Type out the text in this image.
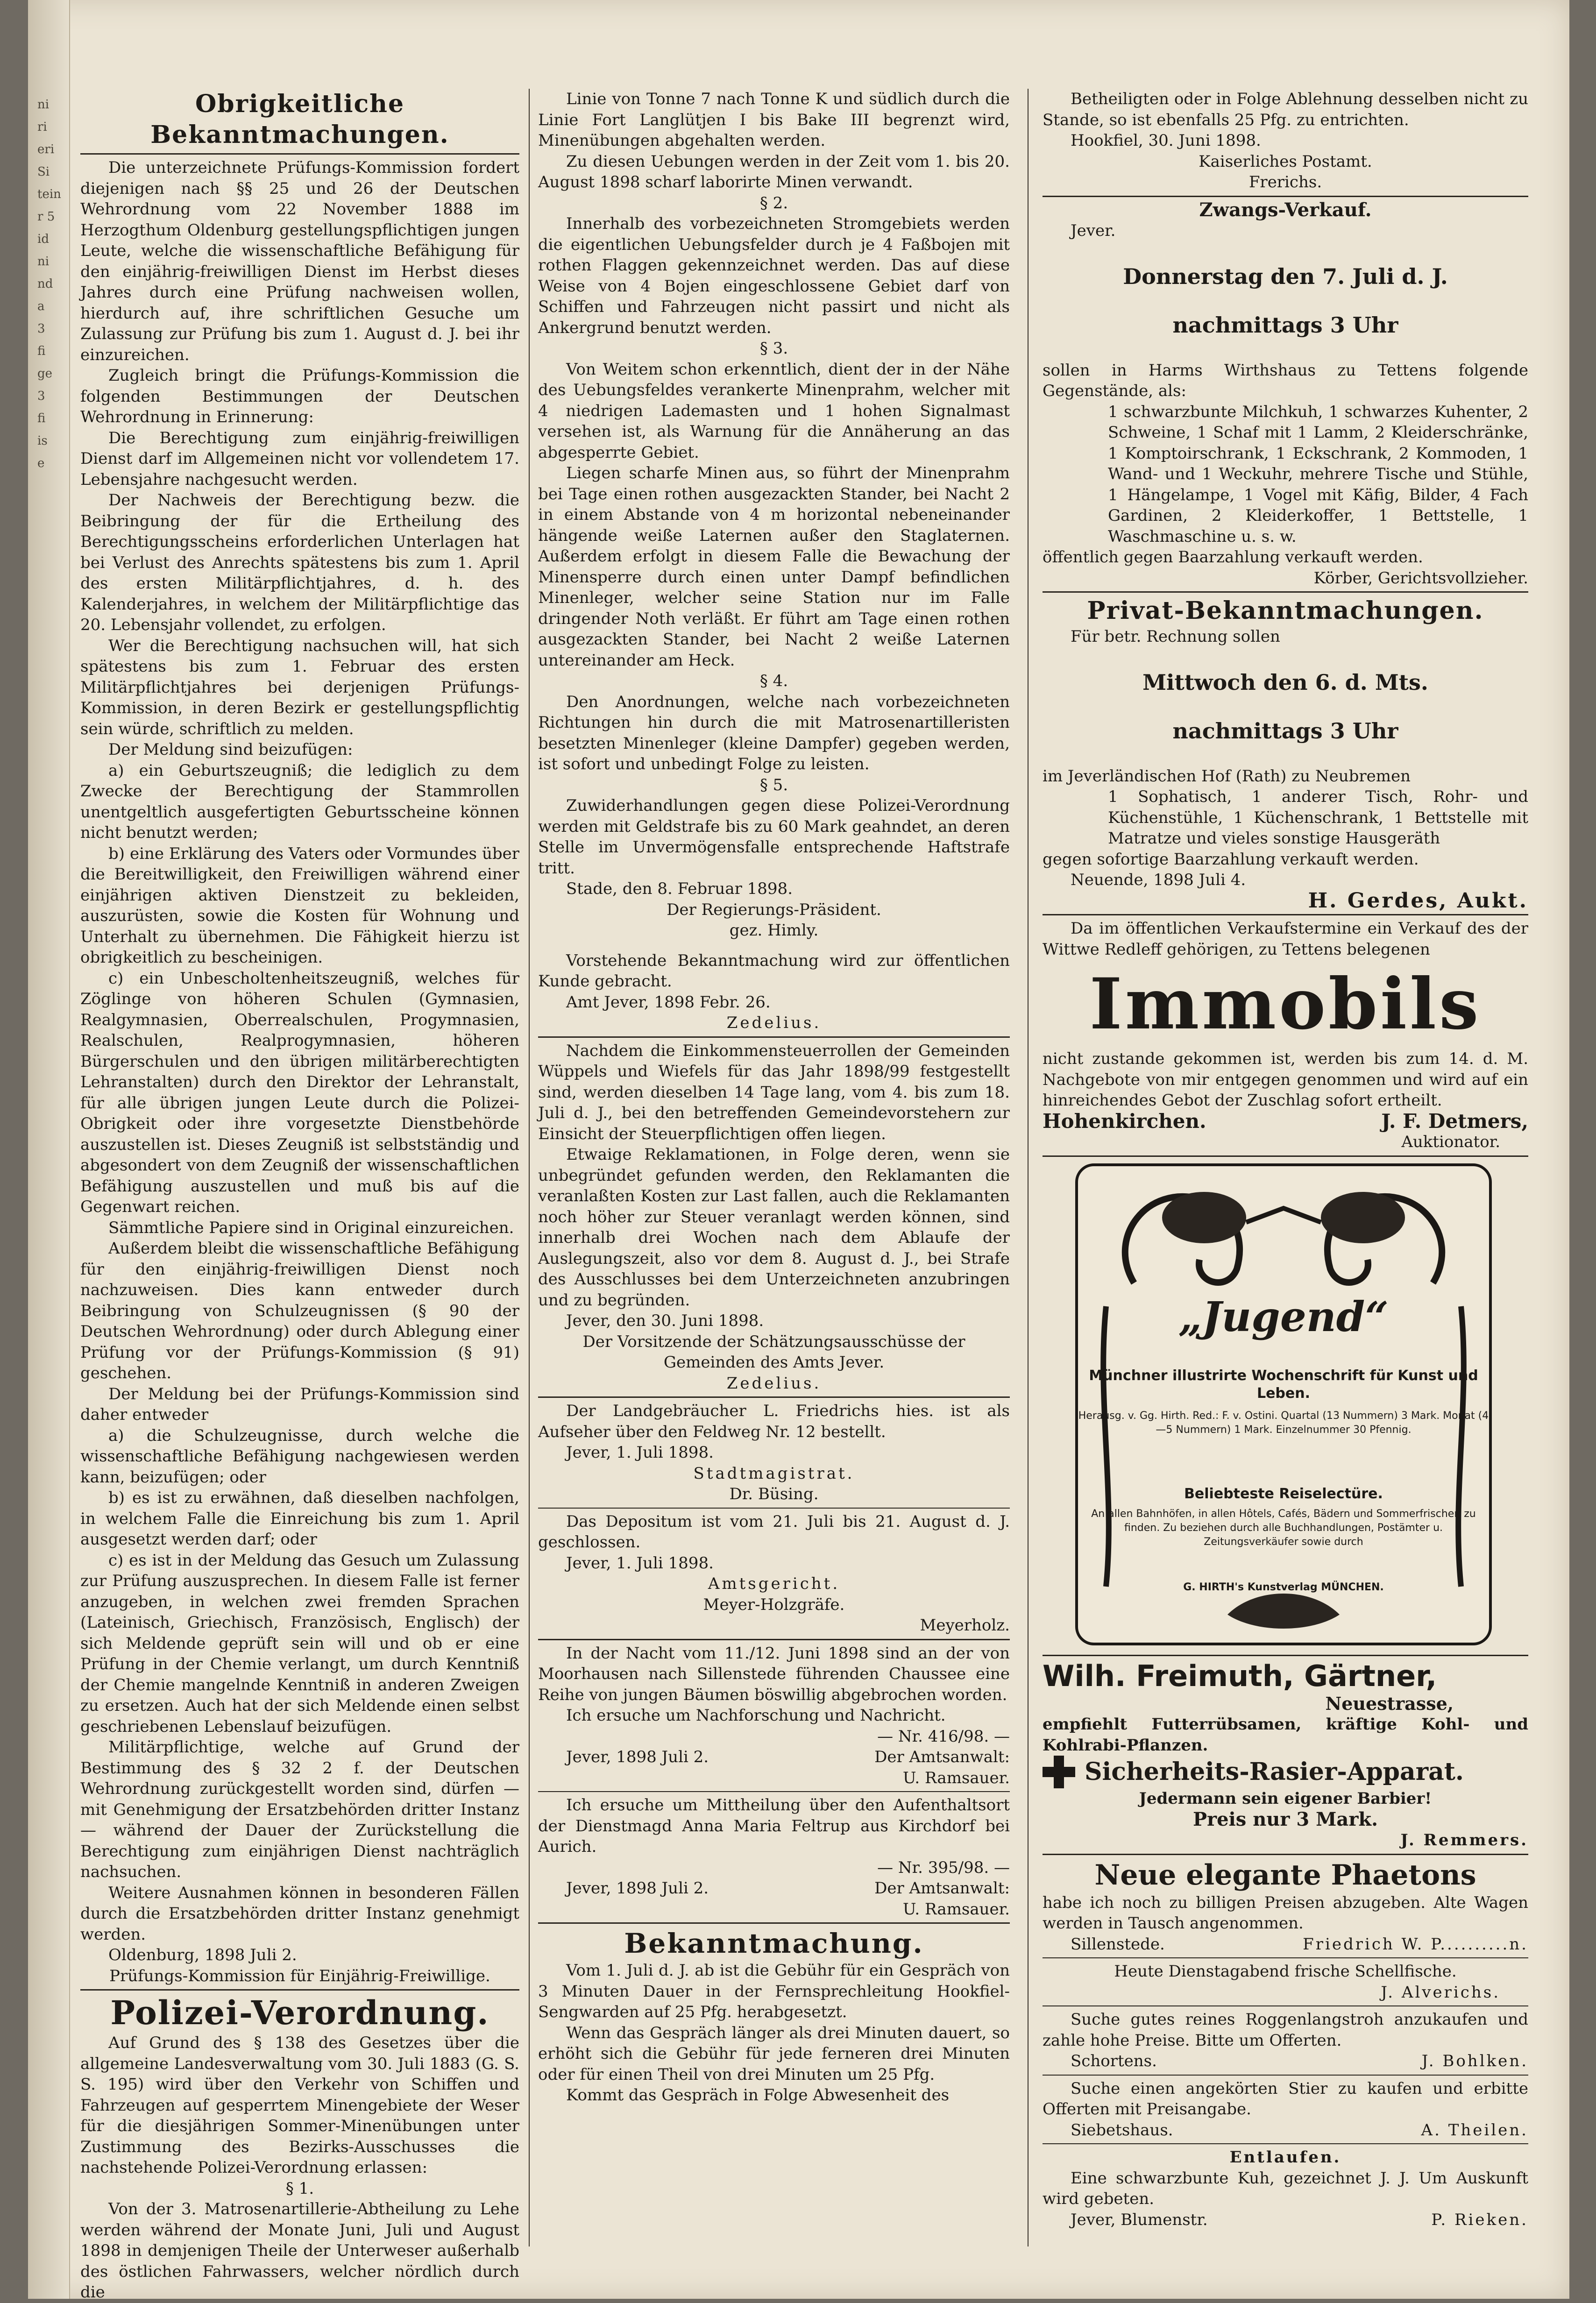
ni
ri
eri
Si
tein
r 5
id
ni
nd
a
3
fi
ge
3
fi
is
e
Obrigkeitliche Bekanntmachungen.

Die unterzeichnete Prüfungs-Kommission fordert diejenigen nach §§ 25 und 26 der Deutschen Wehrordnung vom 22 November 1888 im Herzogthum Oldenburg gestellungspflichtigen jungen Leute, welche die wissenschaftliche Befähigung für den einjährig-freiwilligen Dienst im Herbst dieses Jahres durch eine Prüfung nachweisen wollen, hierdurch auf, ihre schriftlichen Gesuche um Zulassung zur Prüfung bis zum 1. August d. J. bei ihr einzureichen.

Zugleich bringt die Prüfungs-Kommission die folgenden Bestimmungen der Deutschen Wehrordnung in Erinnerung:

Die Berechtigung zum einjährig-freiwilligen Dienst darf im Allgemeinen nicht vor vollendetem 17. Lebensjahre nachgesucht werden.

Der Nachweis der Berechtigung bezw. die Beibringung der für die Ertheilung des Berechtigungsscheins erforderlichen Unterlagen hat bei Verlust des Anrechts spätestens bis zum 1. April des ersten Militärpflichtjahres, d. h. des Kalenderjahres, in welchem der Militärpflichtige das 20. Lebensjahr vollendet, zu erfolgen.

Wer die Berechtigung nachsuchen will, hat sich spätestens bis zum 1. Februar des ersten Militärpflichtjahres bei derjenigen Prüfungs-Kommission, in deren Bezirk er gestellungspflichtig sein würde, schriftlich zu melden.

Der Meldung sind beizufügen:

a) ein Geburtszeugniß; die lediglich zu dem Zwecke der Berechtigung der Stammrollen unentgeltlich ausgefertigten Geburtsscheine können nicht benutzt werden;

b) eine Erklärung des Vaters oder Vormundes über die Bereitwilligkeit, den Freiwilligen während einer einjährigen aktiven Dienstzeit zu bekleiden, auszurüsten, sowie die Kosten für Wohnung und Unterhalt zu übernehmen. Die Fähigkeit hierzu ist obrigkeitlich zu bescheinigen.

c) ein Unbescholtenheitszeugniß, welches für Zöglinge von höheren Schulen (Gymnasien, Realgymnasien, Oberrealschulen, Progymnasien, Realschulen, Realprogymnasien, höheren Bürgerschulen und den übrigen militärberechtigten Lehranstalten) durch den Direktor der Lehranstalt, für alle übrigen jungen Leute durch die Polizei-Obrigkeit oder ihre vorgesetzte Dienstbehörde auszustellen ist. Dieses Zeugniß ist selbstständig und abgesondert von dem Zeugniß der wissenschaftlichen Befähigung auszustellen und muß bis auf die Gegenwart reichen.

Sämmtliche Papiere sind in Original einzureichen.

Außerdem bleibt die wissenschaftliche Befähigung für den einjährig-freiwilligen Dienst noch nachzuweisen. Dies kann entweder durch Beibringung von Schulzeugnissen (§ 90 der Deutschen Wehrordnung) oder durch Ablegung einer Prüfung vor der Prüfungs-Kommission (§ 91) geschehen.

Der Meldung bei der Prüfungs-Kommission sind daher entweder

a) die Schulzeugnisse, durch welche die wissenschaftliche Befähigung nachgewiesen werden kann, beizufügen; oder

b) es ist zu erwähnen, daß dieselben nachfolgen, in welchem Falle die Einreichung bis zum 1. April ausgesetzt werden darf; oder

c) es ist in der Meldung das Gesuch um Zulassung zur Prüfung auszusprechen. In diesem Falle ist ferner anzugeben, in welchen zwei fremden Sprachen (Lateinisch, Griechisch, Französisch, Englisch) der sich Meldende geprüft sein will und ob er eine Prüfung in der Chemie verlangt, um durch Kenntniß der Chemie mangelnde Kenntniß in anderen Zweigen zu ersetzen. Auch hat der sich Meldende einen selbst geschriebenen Lebenslauf beizufügen.

Militärpflichtige, welche auf Grund der Bestimmung des § 32 2 f. der Deutschen Wehrordnung zurückgestellt worden sind, dürfen — mit Genehmigung der Ersatzbehörden dritter Instanz — während der Dauer der Zurückstellung die Berechtigung zum einjährigen Dienst nachträglich nachsuchen.

Weitere Ausnahmen können in besonderen Fällen durch die Ersatzbehörden dritter Instanz genehmigt werden.

Oldenburg, 1898 Juli 2.

Prüfungs-Kommission für Einjährig-Freiwillige.

Polizei-Verordnung.

Auf Grund des § 138 des Gesetzes über die allgemeine Landesverwaltung vom 30. Juli 1883 (G. S. S. 195) wird über den Verkehr von Schiffen und Fahrzeugen auf gesperrtem Minengebiete der Weser für die diesjährigen Sommer-Minenübungen unter Zustimmung des Bezirks-Ausschusses die nachstehende Polizei-Verordnung erlassen:

§ 1.

Von der 3. Matrosenartillerie-Abtheilung zu Lehe werden während der Monate Juni, Juli und August 1898 in demjenigen Theile der Unterweser außerhalb des östlichen Fahrwassers, welcher nördlich durch die

Linie von Tonne 7 nach Tonne K und südlich durch die Linie Fort Langlütjen I bis Bake III begrenzt wird, Minenübungen abgehalten werden.

Zu diesen Uebungen werden in der Zeit vom 1. bis 20. August 1898 scharf laborirte Minen verwandt.

§ 2.

Innerhalb des vorbezeichneten Stromgebiets werden die eigentlichen Uebungsfelder durch je 4 Faßbojen mit rothen Flaggen gekennzeichnet werden. Das auf diese Weise von 4 Bojen eingeschlossene Gebiet darf von Schiffen und Fahrzeugen nicht passirt und nicht als Ankergrund benutzt werden.

§ 3.

Von Weitem schon erkenntlich, dient der in der Nähe des Uebungsfeldes verankerte Minenprahm, welcher mit 4 niedrigen Lademasten und 1 hohen Signalmast versehen ist, als Warnung für die Annäherung an das abgesperrte Gebiet.

Liegen scharfe Minen aus, so führt der Minenprahm bei Tage einen rothen ausgezackten Stander, bei Nacht 2 in einem Abstande von 4 m horizontal nebeneinander hängende weiße Laternen außer den Staglaternen. Außerdem erfolgt in diesem Falle die Bewachung der Minensperre durch einen unter Dampf befindlichen Minenleger, welcher seine Station nur im Falle dringender Noth verläßt. Er führt am Tage einen rothen ausgezackten Stander, bei Nacht 2 weiße Laternen untereinander am Heck.

§ 4.

Den Anordnungen, welche nach vorbezeichneten Richtungen hin durch die mit Matrosenartilleristen besetzten Minenleger (kleine Dampfer) gegeben werden, ist sofort und unbedingt Folge zu leisten.

§ 5.

Zuwiderhandlungen gegen diese Polizei-Verordnung werden mit Geldstrafe bis zu 60 Mark geahndet, an deren Stelle im Unvermögensfalle entsprechende Haftstrafe tritt.

Stade, den 8. Februar 1898.

Der Regierungs-Präsident.

gez. Himly.

Vorstehende Bekanntmachung wird zur öffentlichen Kunde gebracht.

Amt Jever, 1898 Febr. 26.

Zedelius.

Nachdem die Einkommensteuerrollen der Gemeinden Wüppels und Wiefels für das Jahr 1898/99 festgestellt sind, werden dieselben 14 Tage lang, vom 4. bis zum 18. Juli d. J., bei den betreffenden Gemeindevorstehern zur Einsicht der Steuerpflichtigen offen liegen.

Etwaige Reklamationen, in Folge deren, wenn sie unbegründet gefunden werden, den Reklamanten die veranlaßten Kosten zur Last fallen, auch die Reklamanten noch höher zur Steuer veranlagt werden können, sind innerhalb drei Wochen nach dem Ablaufe der Auslegungszeit, also vor dem 8. August d. J., bei Strafe des Ausschlusses bei dem Unterzeichneten anzubringen und zu begründen.

Jever, den 30. Juni 1898.

Der Vorsitzende der Schätzungsausschüsse der Gemeinden des Amts Jever.

Zedelius.

Der Landgebräucher L. Friedrichs hies. ist als Aufseher über den Feldweg Nr. 12 bestellt.

Jever, 1. Juli 1898.

Stadtmagistrat.

Dr. Büsing.

Das Depositum ist vom 21. Juli bis 21. August d. J. geschlossen.

Jever, 1. Juli 1898.

Amtsgericht.

Meyer-Holzgräfe.

Meyerholz.

In der Nacht vom 11./12. Juni 1898 sind an der von Moorhausen nach Sillenstede führenden Chaussee eine Reihe von jungen Bäumen böswillig abgebrochen worden.

Ich ersuche um Nachforschung und Nachricht.

— Nr. 416/98. —

Jever, 1898 Juli 2.	Der Amtsanwalt:

U. Ramsauer.

Ich ersuche um Mittheilung über den Aufenthaltsort der Dienstmagd Anna Maria Feltrup aus Kirchdorf bei Aurich.

— Nr. 395/98. —

Jever, 1898 Juli 2.	Der Amtsanwalt:

U. Ramsauer.

Bekanntmachung.

Vom 1. Juli d. J. ab ist die Gebühr für ein Gespräch von 3 Minuten Dauer in der Fernsprechleitung Hookfiel-Sengwarden auf 25 Pfg. herabgesetzt.

Wenn das Gespräch länger als drei Minuten dauert, so erhöht sich die Gebühr für jede ferneren drei Minuten oder für einen Theil von drei Minuten um 25 Pfg.

Kommt das Gespräch in Folge Abwesenheit des

Betheiligten oder in Folge Ablehnung desselben nicht zu Stande, so ist ebenfalls 25 Pfg. zu entrichten.

Hookfiel, 30. Juni 1898.

Kaiserliches Postamt.

Frerichs.

Zwangs-Verkauf.

Jever.

Donnerstag den 7. Juli d. J.

nachmittags 3 Uhr

sollen in Harms Wirthshaus zu Tettens folgende Gegenstände, als:

1 schwarzbunte Milchkuh, 1 schwarzes Kuhenter, 2 Schweine, 1 Schaf mit 1 Lamm, 2 Kleiderschränke, 1 Komptoirschrank, 1 Eckschrank, 2 Kommoden, 1 Wand- und 1 Weckuhr, mehrere Tische und Stühle, 1 Hängelampe, 1 Vogel mit Käfig, Bilder, 4 Fach Gardinen, 2 Kleiderkoffer, 1 Bettstelle, 1 Waschmaschine u. s. w.

öffentlich gegen Baarzahlung verkauft werden.

Körber, Gerichtsvollzieher.

Privat-Bekanntmachungen.

Für betr. Rechnung sollen

Mittwoch den 6. d. Mts.

nachmittags 3 Uhr

im Jeverländischen Hof (Rath) zu Neubremen

1 Sophatisch, 1 anderer Tisch, Rohr- und Küchenstühle, 1 Küchenschrank, 1 Bettstelle mit Matratze und vieles sonstige Hausgeräth

gegen sofortige Baarzahlung verkauft werden.

Neuende, 1898 Juli 4.

H. Gerdes, Aukt.

Da im öffentlichen Verkaufstermine ein Verkauf des der Wittwe Redleff gehörigen, zu Tettens belegenen

Immobils

nicht zustande gekommen ist, werden bis zum 14. d. M. Nachgebote von mir entgegen genommen und wird auf ein hinreichendes Gebot der Zuschlag sofort ertheilt.

Hohenkirchen.	J. F. Detmers,

Auktionator.

„Jugend“
Münchner illustrirte Wochenschrift für Kunst und Leben.
Herausg. v. Gg. Hirth. Red.: F. v. Ostini. Quartal (13 Nummern) 3 Mark. Monat (4—5 Nummern) 1 Mark. Einzelnummer 30 Pfennig.
Beliebteste Reiselectüre.
An allen Bahnhöfen, in allen Hôtels, Cafés, Bädern und Sommerfrischen zu finden. Zu beziehen durch alle Buchhandlungen, Postämter u. Zeitungsverkäufer sowie durch
G. HIRTH's Kunstverlag MÜNCHEN.
Wilh. Freimuth, Gärtner,

Neuestrasse,

empfiehlt Futterrübsamen, kräftige Kohl- und Kohlrabi-Pflanzen.

Sicherheits-Rasier-Apparat.

Jedermann sein eigener Barbier!

Preis nur 3 Mark.

J. Remmers.

Neue elegante Phaetons

habe ich noch zu billigen Preisen abzugeben. Alte Wagen werden in Tausch angenommen.

Sillenstede.	Friedrich W. P..........n.

Heute Dienstagabend frische Schellfische.

J. Alverichs.

Suche gutes reines Roggenlangstroh anzukaufen und zahle hohe Preise. Bitte um Offerten.

Schortens.	J. Bohlken.

Suche einen angekörten Stier zu kaufen und erbitte Offerten mit Preisangabe.

Siebetshaus.	A. Theilen.

Entlaufen.

Eine schwarzbunte Kuh, gezeichnet J. J. Um Auskunft wird gebeten.

Jever, Blumenstr.	P. Rieken.
